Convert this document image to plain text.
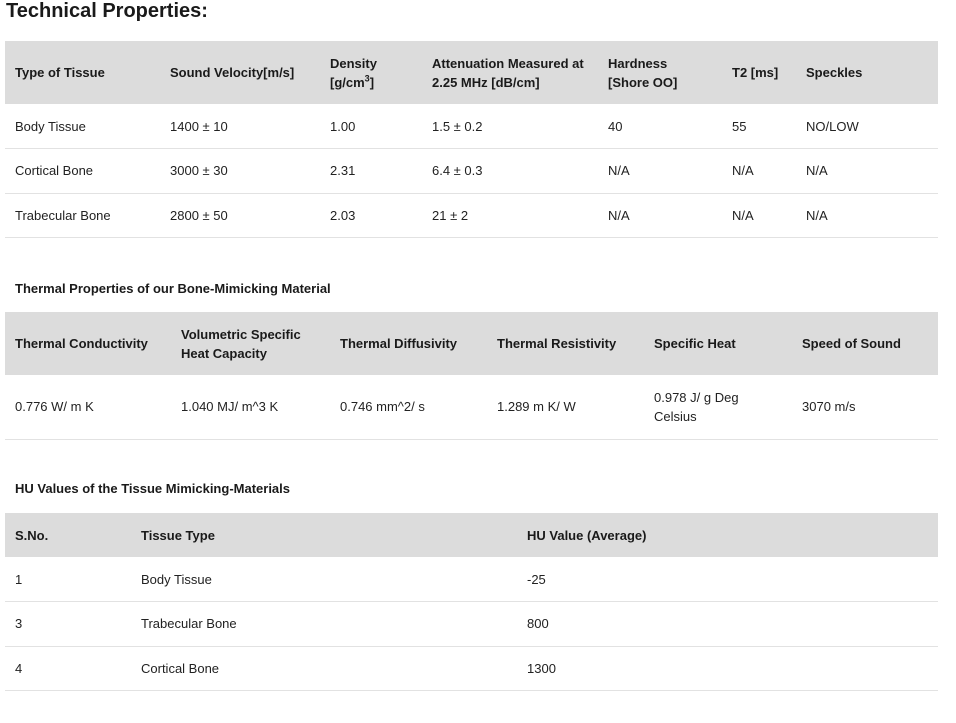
Technical Properties:
Type of Tissue	Sound Velocity[m/s]	Density $[g/cm^3]$	Attenuation Measured at 2.25 MHz [dB/cm]	Hardness [Shore OO]	T2 [ms]	Speckles
Body Tissue	1400 ± 10	1.00	1.5 ± 0.2	40	55	NO/LOW
Cortical Bone	3000 ± 30	2.31	6.4 ± 0.3	N/A	N/A	N/A
Trabecular Bone	2800 ± 50	2.03	21 ± 2	N/A	N/A	N/A
Thermal Properties of our Bone-Mimicking Material
Thermal Conductivity	Volumetric Specific Heat Capacity	Thermal Diffusivity	Thermal Resistivity	Specific Heat	Speed of Sound
0.776 W/ m K	1.040 MJ/ m^3 K	0.746 mm^2/ s	1.289 m K/ W	0.978 J/ g Deg Celsius	3070 m/s
HU Values of the Tissue Mimicking-Materials
S.No.	Tissue Type	HU Value (Average)
1	Body Tissue	-25
3	Trabecular Bone	800
4	Cortical Bone	1300
